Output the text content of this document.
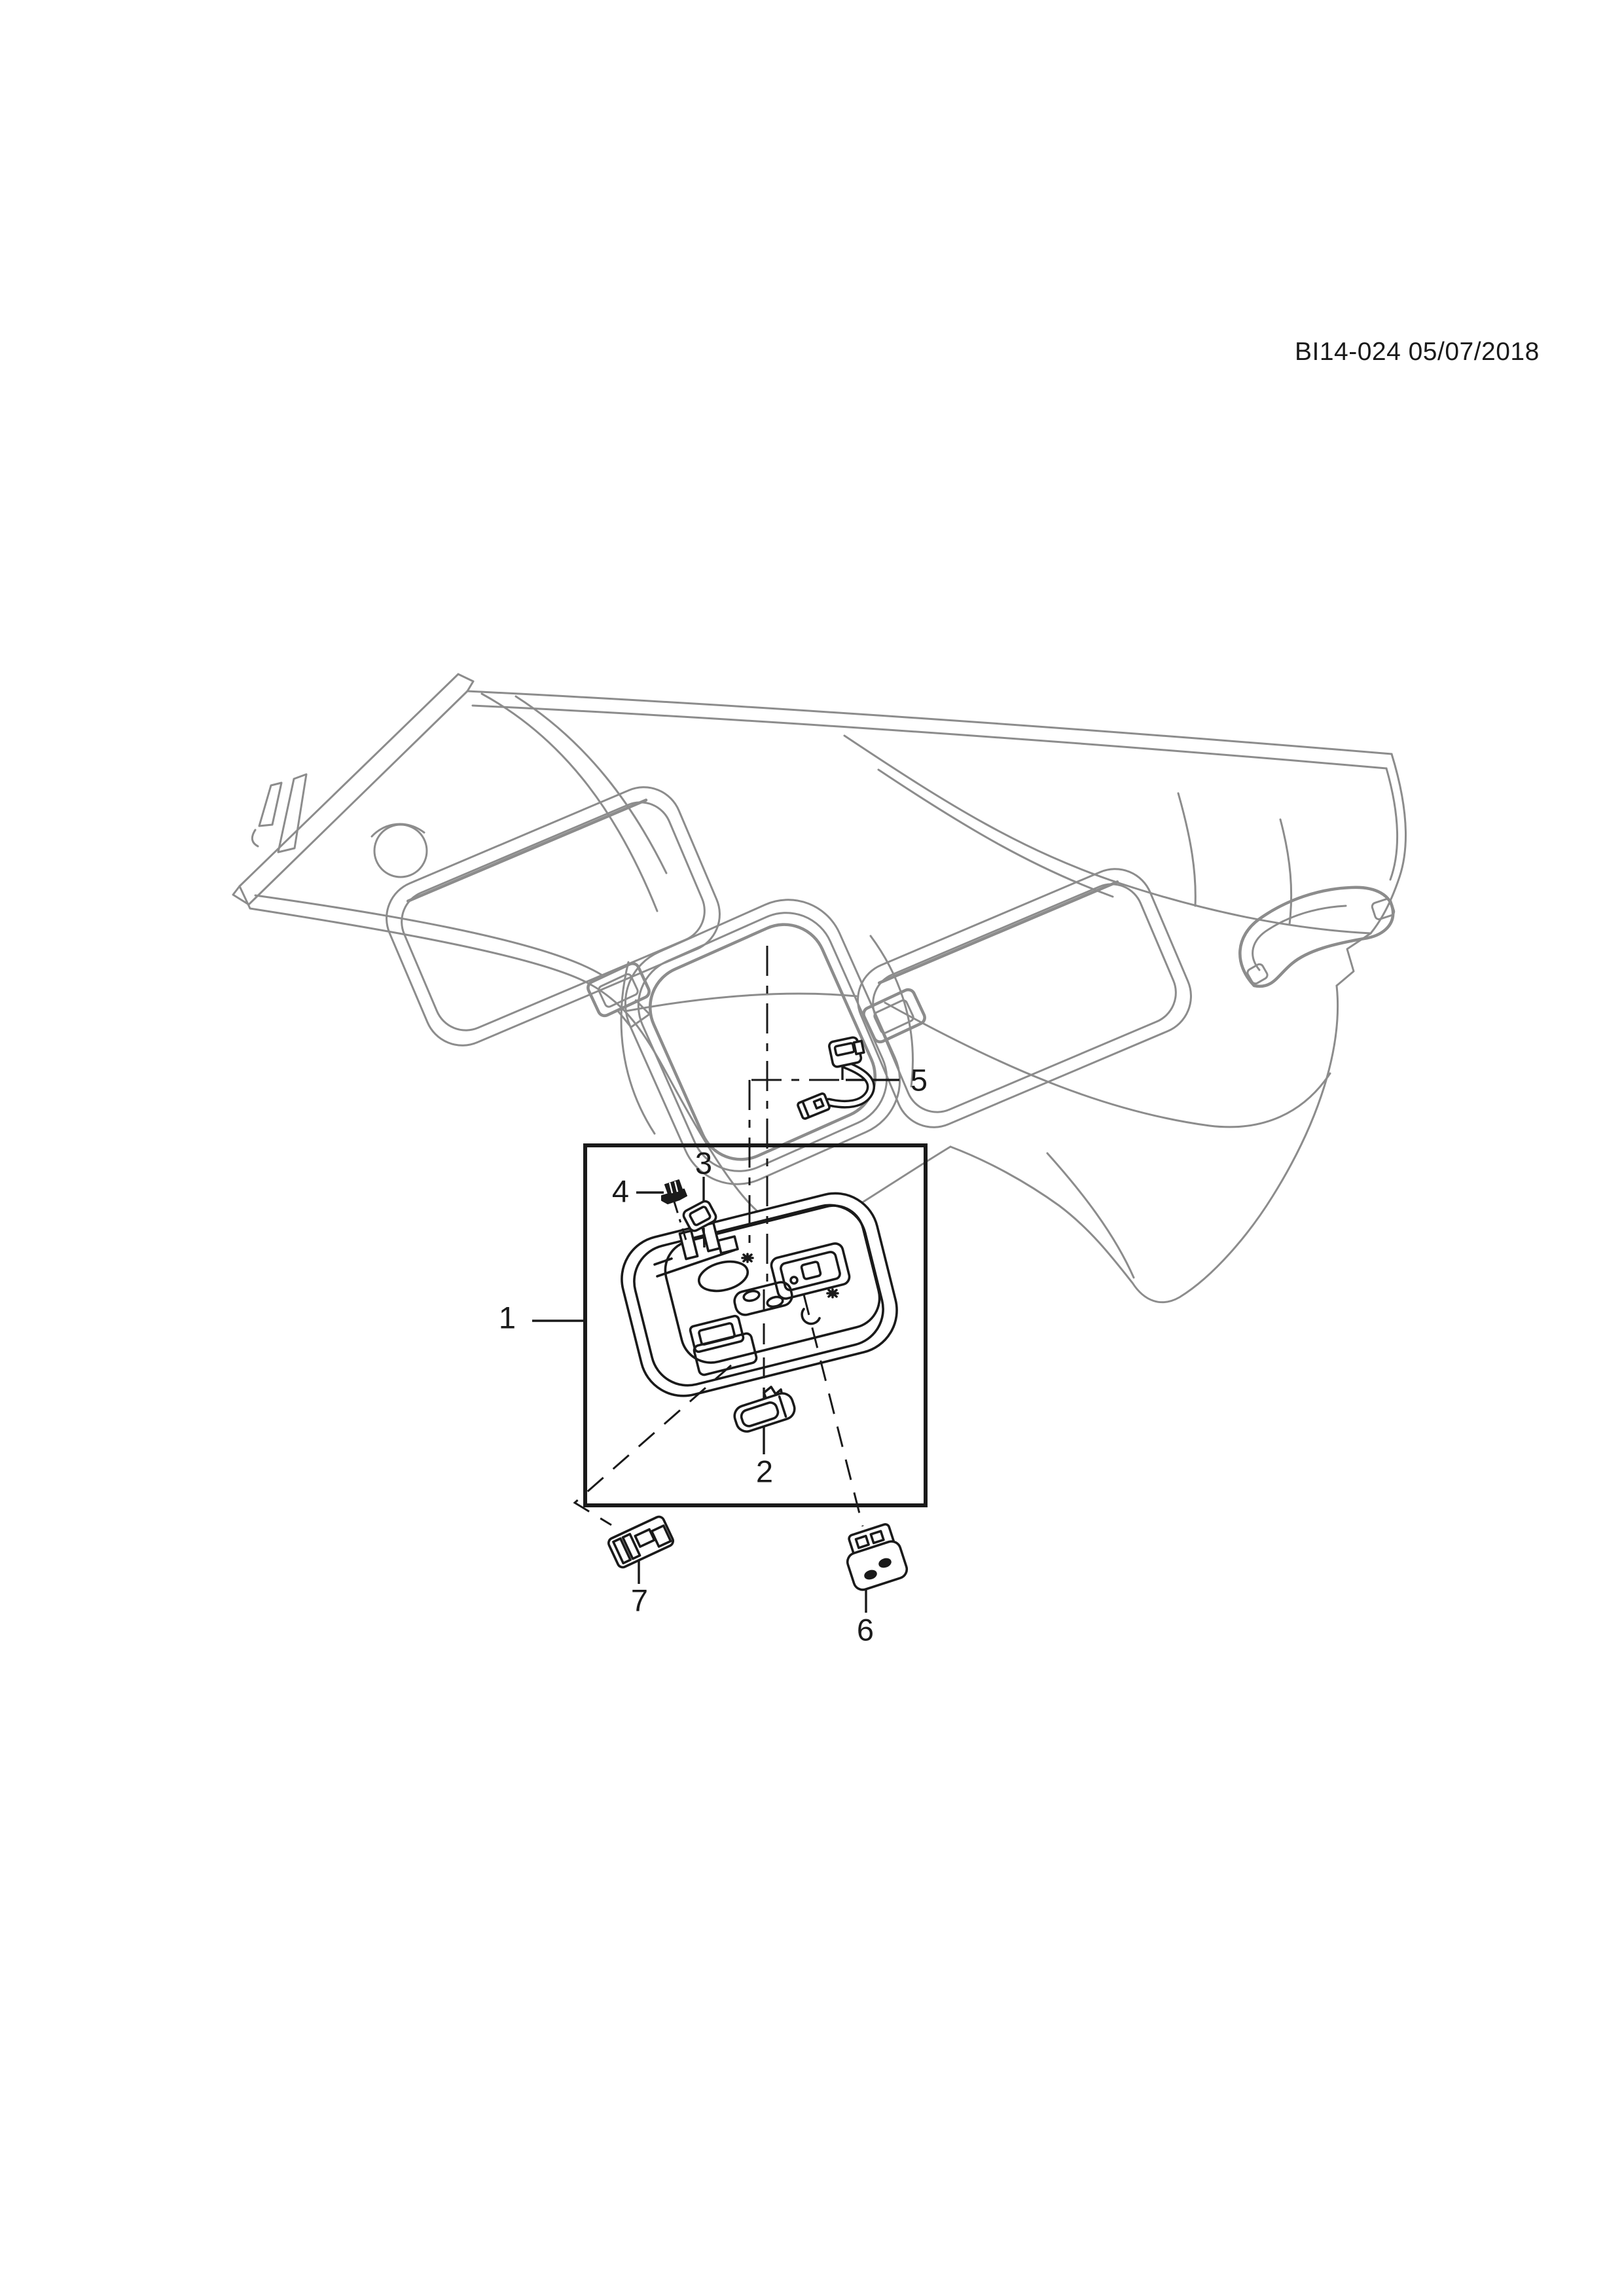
BI14-024 05/07/2018
1
2
3
4
5
6
7
